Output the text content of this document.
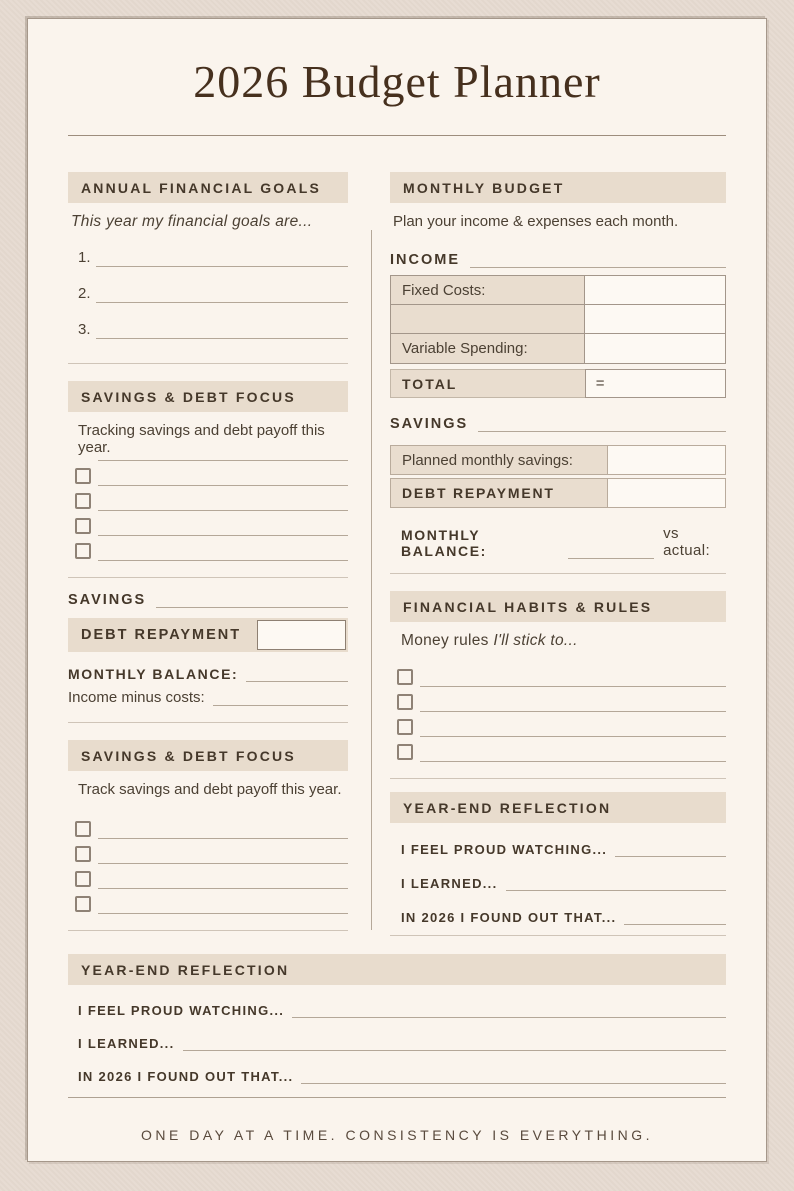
2026 Budget Planner
ANNUAL FINANCIAL GOALS
This year my financial goals are...
1.
2.
3.
SAVINGS & DEBT FOCUS
Tracking savings and debt payoff this year.
SAVINGS
DEBT REPAYMENT
MONTHLY BALANCE:
Income minus costs:
SAVINGS & DEBT FOCUS
Track savings and debt payoff this year.
MONTHLY BUDGET
Plan your income & expenses each month.
INCOME
Fixed Costs:
Variable Spending:
TOTAL	=
SAVINGS
Planned monthly savings:
DEBT REPAYMENT
MONTHLY BALANCE:
vs actual:
FINANCIAL HABITS & RULES
Money rules I'll stick to...
YEAR-END REFLECTION
I FEEL PROUD WATCHING...
I LEARNED...
IN 2026 I FOUND OUT THAT...
YEAR-END REFLECTION
I FEEL PROUD WATCHING...
I LEARNED...
IN 2026 I FOUND OUT THAT...
ONE DAY AT A TIME. CONSISTENCY IS EVERYTHING.
